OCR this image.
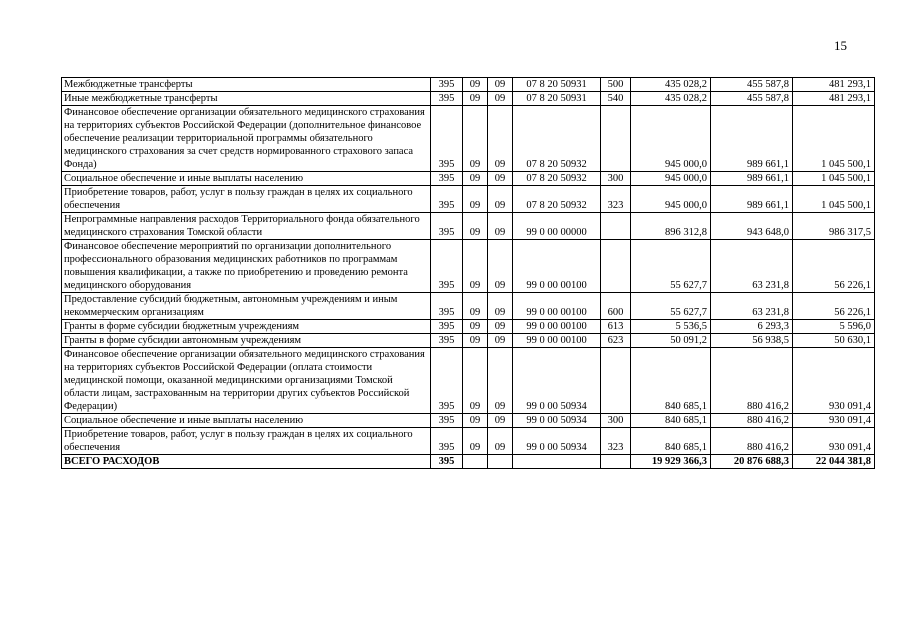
15
Межбюджетные трансферты	395	09	09	07 8 20 50931	500	435 028,2	455 587,8	481 293,1
Иные межбюджетные трансферты	395	09	09	07 8 20 50931	540	435 028,2	455 587,8	481 293,1
Финансовое обеспечение организации обязательного медицинского страхования на территориях субъектов Российской Федерации (дополнительное финансовое обеспечение реализации территориальной программы обязательного медицинского страхования за счет средств нормированного страхового запаса Фонда)	395	09	09	07 8 20 50932		945 000,0	989 661,1	1 045 500,1
Социальное обеспечение и иные выплаты населению	395	09	09	07 8 20 50932	300	945 000,0	989 661,1	1 045 500,1
Приобретение товаров, работ, услуг в пользу граждан в целях их социального обеспечения	395	09	09	07 8 20 50932	323	945 000,0	989 661,1	1 045 500,1
Непрограммные направления расходов Территориального фонда обязательного медицинского страхования Томской области	395	09	09	99 0 00 00000		896 312,8	943 648,0	986 317,5
Финансовое обеспечение мероприятий по организации дополнительного профессионального образования медицинских работников по программам повышения квалификации, а также по приобретению и проведению ремонта медицинского оборудования	395	09	09	99 0 00 00100		55 627,7	63 231,8	56 226,1
Предоставление субсидий бюджетным, автономным учреждениям и иным некоммерческим организациям	395	09	09	99 0 00 00100	600	55 627,7	63 231,8	56 226,1
Гранты в форме субсидии бюджетным учреждениям	395	09	09	99 0 00 00100	613	5 536,5	6 293,3	5 596,0
Гранты в форме субсидии автономным учреждениям	395	09	09	99 0 00 00100	623	50 091,2	56 938,5	50 630,1
Финансовое обеспечение организации обязательного медицинского страхования на территориях субъектов Российской Федерации (оплата стоимости медицинской помощи, оказанной медицинскими организациями Томской области лицам, застрахованным на территории других субъектов Российской Федерации)	395	09	09	99 0 00 50934		840 685,1	880 416,2	930 091,4
Социальное обеспечение и иные выплаты населению	395	09	09	99 0 00 50934	300	840 685,1	880 416,2	930 091,4
Приобретение товаров, работ, услуг в пользу граждан в целях их социального обеспечения	395	09	09	99 0 00 50934	323	840 685,1	880 416,2	930 091,4
ВСЕГО РАСХОДОВ	395					19 929 366,3	20 876 688,3	22 044 381,8
